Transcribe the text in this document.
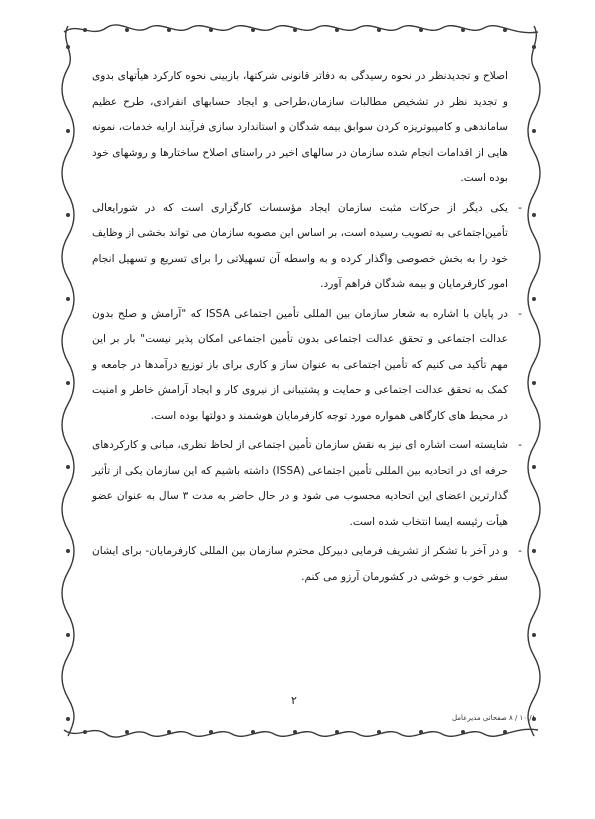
اصلاح و تجدیدنظر در نحوه رسیدگی به دفاتر قانونی شرکتها، بازبینی نحوه کارکرد هیأتهای بدوی و تجدید نظر در تشخیص مطالبات سازمان،طراحی و ایجاد حسابهای انفرادی، طرح عظیم ساماندهی و کامپیوتریزه کردن سوابق بیمه شدگان و استاندارد سازی فرآیند ارایه خدمات، نمونه هایی از اقدامات انجام شده سازمان در سالهای اخیر در راستای اصلاح ساختارها و روشهای خود بوده است.

-
یکی دیگر از حرکات مثبت سازمان ایجاد مؤسسات کارگزاری است که در شورایعالی تأمین‌اجتماعی به تصویب رسیده است، بر اساس این مصوبه سازمان می تواند بخشی از وظایف خود را به بخش خصوصی واگذار کرده و به واسطه آن تسهیلاتی را برای تسریع و تسهیل انجام امور کارفرمایان و بیمه شدگان فراهم آورد.

-
در پایان با اشاره به شعار سازمان بین المللی تأمین اجتماعی ISSA که "آرامش و صلح بدون عدالت اجتماعی و تحقق عدالت اجتماعی بدون تأمین اجتماعی امکان پذیر نیست" بار بر این مهم تأکید می کنیم که تأمین اجتماعی به عنوان ساز و کاری برای باز توزیع درآمدها در جامعه و کمک به تحقق عدالت اجتماعی و حمایت و پشتیبانی از نیروی کار و ایجاد آرامش خاطر و امنیت در محیط های کارگاهی همواره مورد توجه کارفرمایان هوشمند و دولتها بوده است.

-
شایسته است اشاره ای نیز به نقش سازمان تأمین اجتماعی از لحاظ نظری، مبانی و کارکردهای حرفه ای در اتحادیه بین المللی تأمین اجتماعی (ISSA) داشته باشیم که این سازمان یکی از تأثیر گذارترین اعضای این اتحادیه محسوب می شود و در حال حاضر به مدت ۳ سال به عنوان عضو هیأت رئیسه ایسا انتخاب شده است.

-
و در آخر با تشکر از تشریف فرمایی دبیرکل محترم سازمان بین المللی کارفرمایان- برای ایشان سفر خوب و خوشی در کشورمان آرزو می کنم.

۲
۸/ ۱۰ / ۸ صفحاتی مدیرعامل
